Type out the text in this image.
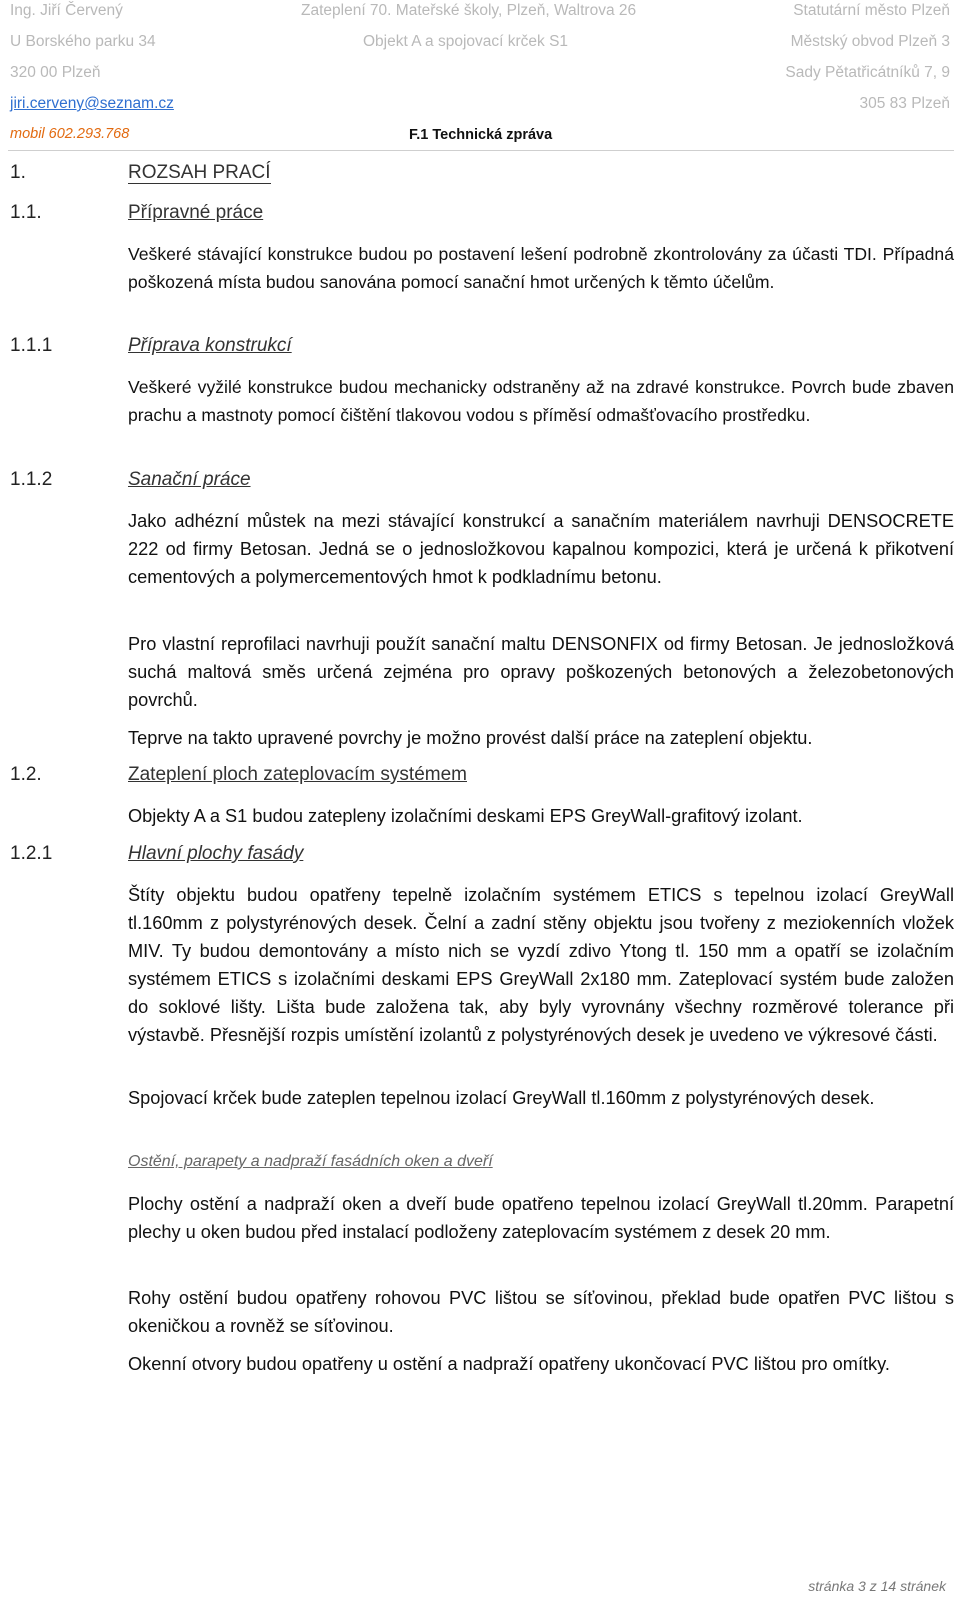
Ing. Jiří Červený
U Borského parku 34
320 00 Plzeň
jiri.cerveny@seznam.cz
mobil 602.293.768
Zateplení 70. Mateřské školy, Plzeň, Waltrova 26
Objekt A a spojovací krček S1
Statutární město Plzeň
Městský obvod Plzeň 3
Sady Pětatřicátníků 7, 9
305 83 Plzeň
F.1 Technická zpráva
1.	ROZSAH PRACÍ
1.1.	Přípravné práce
Veškeré stávající konstrukce budou po postavení lešení podrobně zkontrolovány za účasti TDI. Případná poškozená místa budou sanována pomocí sanační hmot určených k těmto účelům.
1.1.1	Příprava konstrukcí
Veškeré vyžilé konstrukce budou mechanicky odstraněny až na zdravé konstrukce. Povrch bude zbaven prachu a mastnoty pomocí čištění tlakovou vodou s příměsí odmašťovacího prostředku.
1.1.2	Sanační práce
Jako adhézní můstek na mezi stávající konstrukcí a sanačním materiálem navrhuji DENSOCRETE 222 od firmy Betosan. Jedná se o jednosložkovou kapalnou kompozici, která je určená k přikotvení cementových a polymercementových hmot k podkladnímu betonu.
Pro vlastní reprofilaci navrhuji použít sanační maltu DENSONFIX od firmy Betosan. Je jednosložková suchá maltová směs určená zejména pro opravy poškozených betonových a železobetonových povrchů.
Teprve na takto upravené povrchy je možno provést další práce na zateplení objektu.
1.2.	Zateplení ploch zateplovacím systémem
Objekty A a S1 budou zatepleny izolačními deskami EPS GreyWall-grafitový izolant.
1.2.1	Hlavní plochy fasády
Štíty objektu budou opatřeny tepelně izolačním systémem ETICS s tepelnou izolací GreyWall tl.160mm z polystyrénových desek. Čelní a zadní stěny objektu jsou tvořeny z meziokenních vložek MIV. Ty budou demontovány a místo nich se vyzdí zdivo Ytong tl. 150 mm a opatří se izolačním systémem ETICS s izolačními deskami EPS GreyWall 2x180 mm. Zateplovací systém bude založen do soklové lišty. Lišta bude založena tak, aby byly vyrovnány všechny rozměrové tolerance při výstavbě. Přesnější rozpis umístění izolantů z polystyrénových desek je uvedeno ve výkresové části.
Spojovací krček bude zateplen tepelnou izolací GreyWall tl.160mm z polystyrénových desek.
Ostění, parapety a nadpraží fasádních oken a dveří
Plochy ostění a nadpraží oken a dveří bude opatřeno tepelnou izolací GreyWall tl.20mm. Parapetní plechy u oken budou před instalací podloženy zateplovacím systémem z desek 20 mm.
Rohy ostění budou opatřeny rohovou PVC lištou se síťovinou, překlad bude opatřen PVC lištou s okeničkou a rovněž se síťovinou.
Okenní otvory budou opatřeny u ostění a nadpraží opatřeny ukončovací PVC lištou pro omítky.
stránka 3 z 14 stránek
